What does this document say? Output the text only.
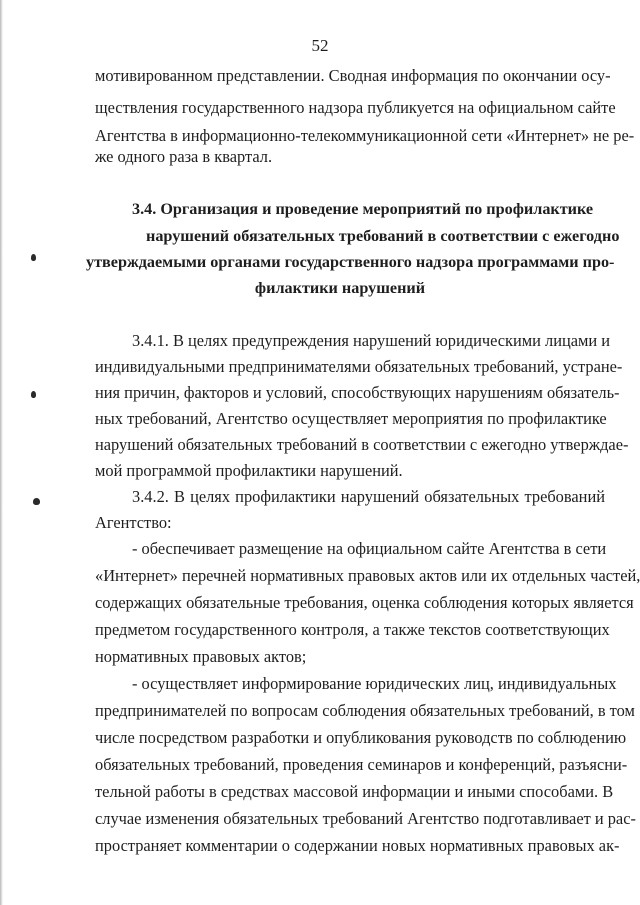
52
мотивированном представлении. Сводная информация по окончании осу-
ществления государственного надзора публикуется на официальном сайте
Агентства в информационно-телекоммуникационной сети «Интернет» не ре-
же одного раза в квартал.
3.4. Организация и проведение мероприятий по профилактике
нарушений обязательных требований в соответствии с ежегодно
утверждаемыми органами государственного надзора программами про-
филактики нарушений
3.4.1. В целях предупреждения нарушений юридическими лицами и
индивидуальными предпринимателями обязательных требований, устране-
ния причин, факторов и условий, способствующих нарушениям обязатель-
ных требований, Агентство осуществляет мероприятия по профилактике
нарушений обязательных требований в соответствии с ежегодно утверждае-
мой программой профилактики нарушений.
3.4.2. В целях профилактики нарушений обязательных требований
Агентство:
- обеспечивает размещение на официальном сайте Агентства в сети
«Интернет» перечней нормативных правовых актов или их отдельных частей,
содержащих обязательные требования, оценка соблюдения которых является
предметом государственного контроля, а также текстов соответствующих
нормативных правовых актов;
- осуществляет информирование юридических лиц, индивидуальных
предпринимателей по вопросам соблюдения обязательных требований, в том
числе посредством разработки и опубликования руководств по соблюдению
обязательных требований, проведения семинаров и конференций, разъясни-
тельной работы в средствах массовой информации и иными способами. В
случае изменения обязательных требований Агентство подготавливает и рас-
пространяет комментарии о содержании новых нормативных правовых ак-
